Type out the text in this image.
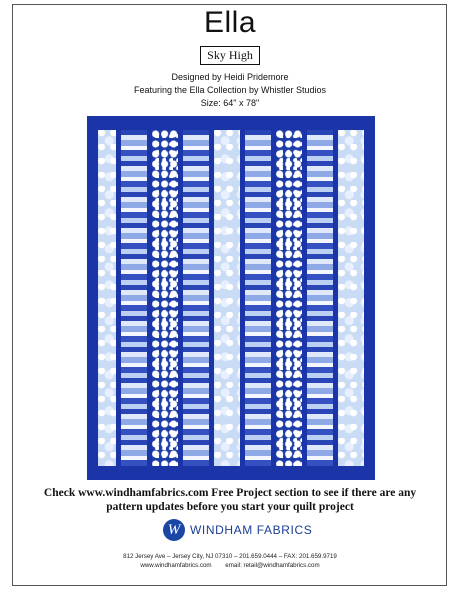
Ella
Sky High
Designed by Heidi Pridemore
Featuring the Ella Collection by Whistler Studios
Size: 64" x 78"
Check www.windhamfabrics.com Free Project section to see if there are any
pattern updates before you start your quilt project
W WINDHAM FABRICS
812 Jersey Ave – Jersey City, NJ 07310 – 201.659.0444 – FAX: 201.659.9719
www.windhamfabrics.com        email: retail@windhamfabrics.com
